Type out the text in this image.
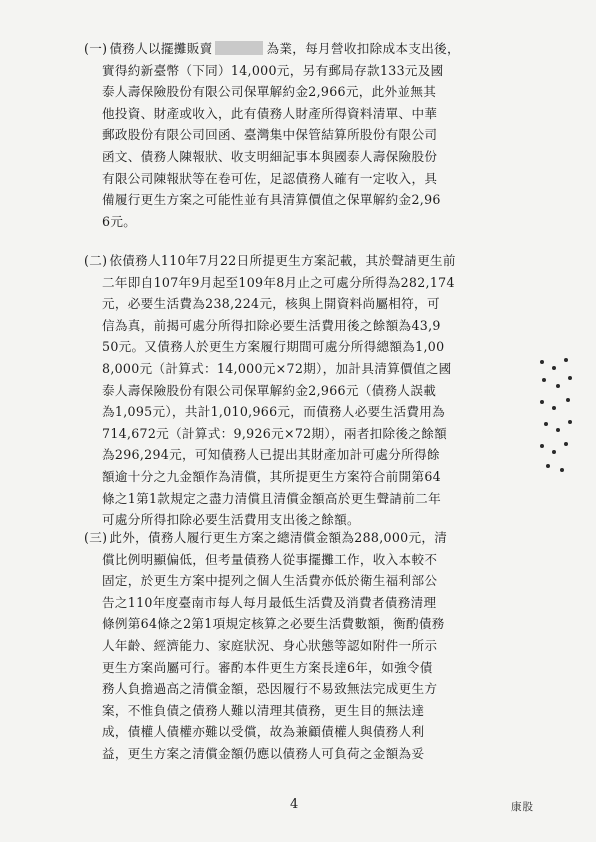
(一) 債務人以擺攤販賣	為業，每月營收扣除成本支出後，
實得約新臺幣（下同）14,000元，另有郵局存款133元及國
泰人壽保險股份有限公司保單解約金2,966元，此外並無其
他投資、財產或收入，此有債務人財產所得資料清單、中華
郵政股份有限公司回函、臺灣集中保管結算所股份有限公司
函文、債務人陳報狀、收支明細記事本與國泰人壽保險股份
有限公司陳報狀等在卷可佐，足認債務人確有一定收入，具
備履行更生方案之可能性並有具清算價值之保單解約金2,96
6元。
(二) 依債務人110年7月22日所提更生方案記載，其於聲請更生前
二年即自107年9月起至109年8月止之可處分所得為282,174
元，必要生活費為238,224元，核與上開資料尚屬相符，可
信為真，前揭可處分所得扣除必要生活費用後之餘額為43,9
50元。又債務人於更生方案履行期間可處分所得總額為1,00
8,000元（計算式：14,000元×72期），加計具清算價值之國
泰人壽保險股份有限公司保單解約金2,966元（債務人誤載
為1,095元），共計1,010,966元，而債務人必要生活費用為
714,672元（計算式：9,926元×72期），兩者扣除後之餘額
為296,294元，可知債務人已提出其財產加計可處分所得餘
額逾十分之九金額作為清償，其所提更生方案符合前開第64
條之1第1款規定之盡力清償且清償金額高於更生聲請前二年
可處分所得扣除必要生活費用支出後之餘額。
(三) 此外，債務人履行更生方案之總清償金額為288,000元，清
償比例明顯偏低，但考量債務人從事擺攤工作，收入本較不
固定，於更生方案中提列之個人生活費亦低於衛生福利部公
告之110年度臺南市每人每月最低生活費及消費者債務清理
條例第64條之2第1項規定核算之必要生活費數額，衡酌債務
人年齡、經濟能力、家庭狀況、身心狀態等認如附件一所示
更生方案尚屬可行。審酌本件更生方案長達6年，如強令債
務人負擔過高之清償金額，恐因履行不易致無法完成更生方
案，不惟負債之債務人難以清理其債務，更生目的無法達
成，債權人債權亦難以受償，故為兼顧債權人與債務人利
益，更生方案之清償金額仍應以債務人可負荷之金額為妥
4	康股
